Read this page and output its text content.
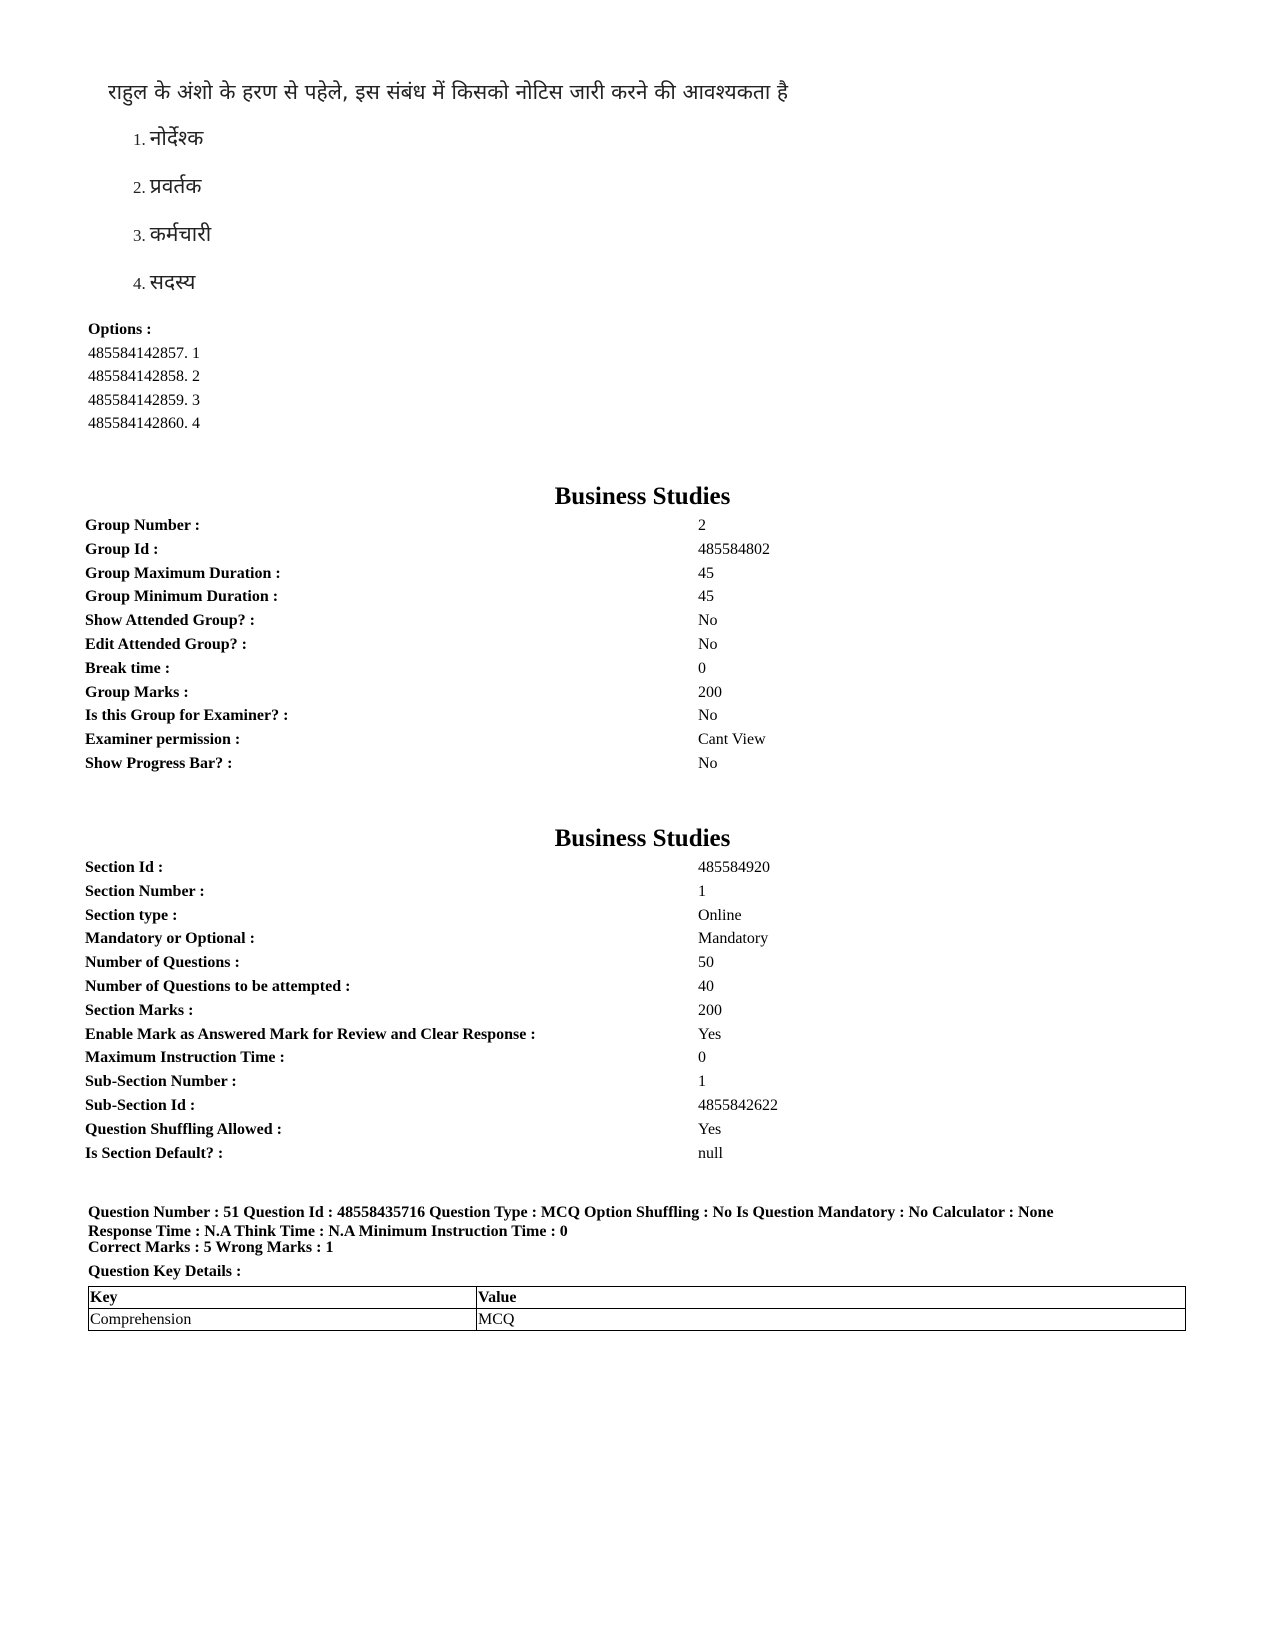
राहुल के अंशो के हरण से पहेले, इस संबंध में किसको नोटिस जारी करने की आवश्यकता है
1. नोर्देश्क
2. प्रवर्तक
3. कर्मचारी
4. सदस्य
Options :
485584142857. 1
485584142858. 2
485584142859. 3
485584142860. 4
Business Studies
Group Number :	2
Group Id :	485584802
Group Maximum Duration :	45
Group Minimum Duration :	45
Show Attended Group? :	No
Edit Attended Group? :	No
Break time :	0
Group Marks :	200
Is this Group for Examiner? :	No
Examiner permission :	Cant View
Show Progress Bar? :	No
Business Studies
Section Id :	485584920
Section Number :	1
Section type :	Online
Mandatory or Optional :	Mandatory
Number of Questions :	50
Number of Questions to be attempted :	40
Section Marks :	200
Enable Mark as Answered Mark for Review and Clear Response :	Yes
Maximum Instruction Time :	0
Sub-Section Number :	1
Sub-Section Id :	4855842622
Question Shuffling Allowed :	Yes
Is Section Default? :	null
Question Number : 51 Question Id : 48558435716 Question Type : MCQ Option Shuffling : No Is Question Mandatory : No Calculator : None
Response Time : N.A Think Time : N.A Minimum Instruction Time : 0
Correct Marks : 5 Wrong Marks : 1
Question Key Details :
Key	Value
Comprehension	MCQ
